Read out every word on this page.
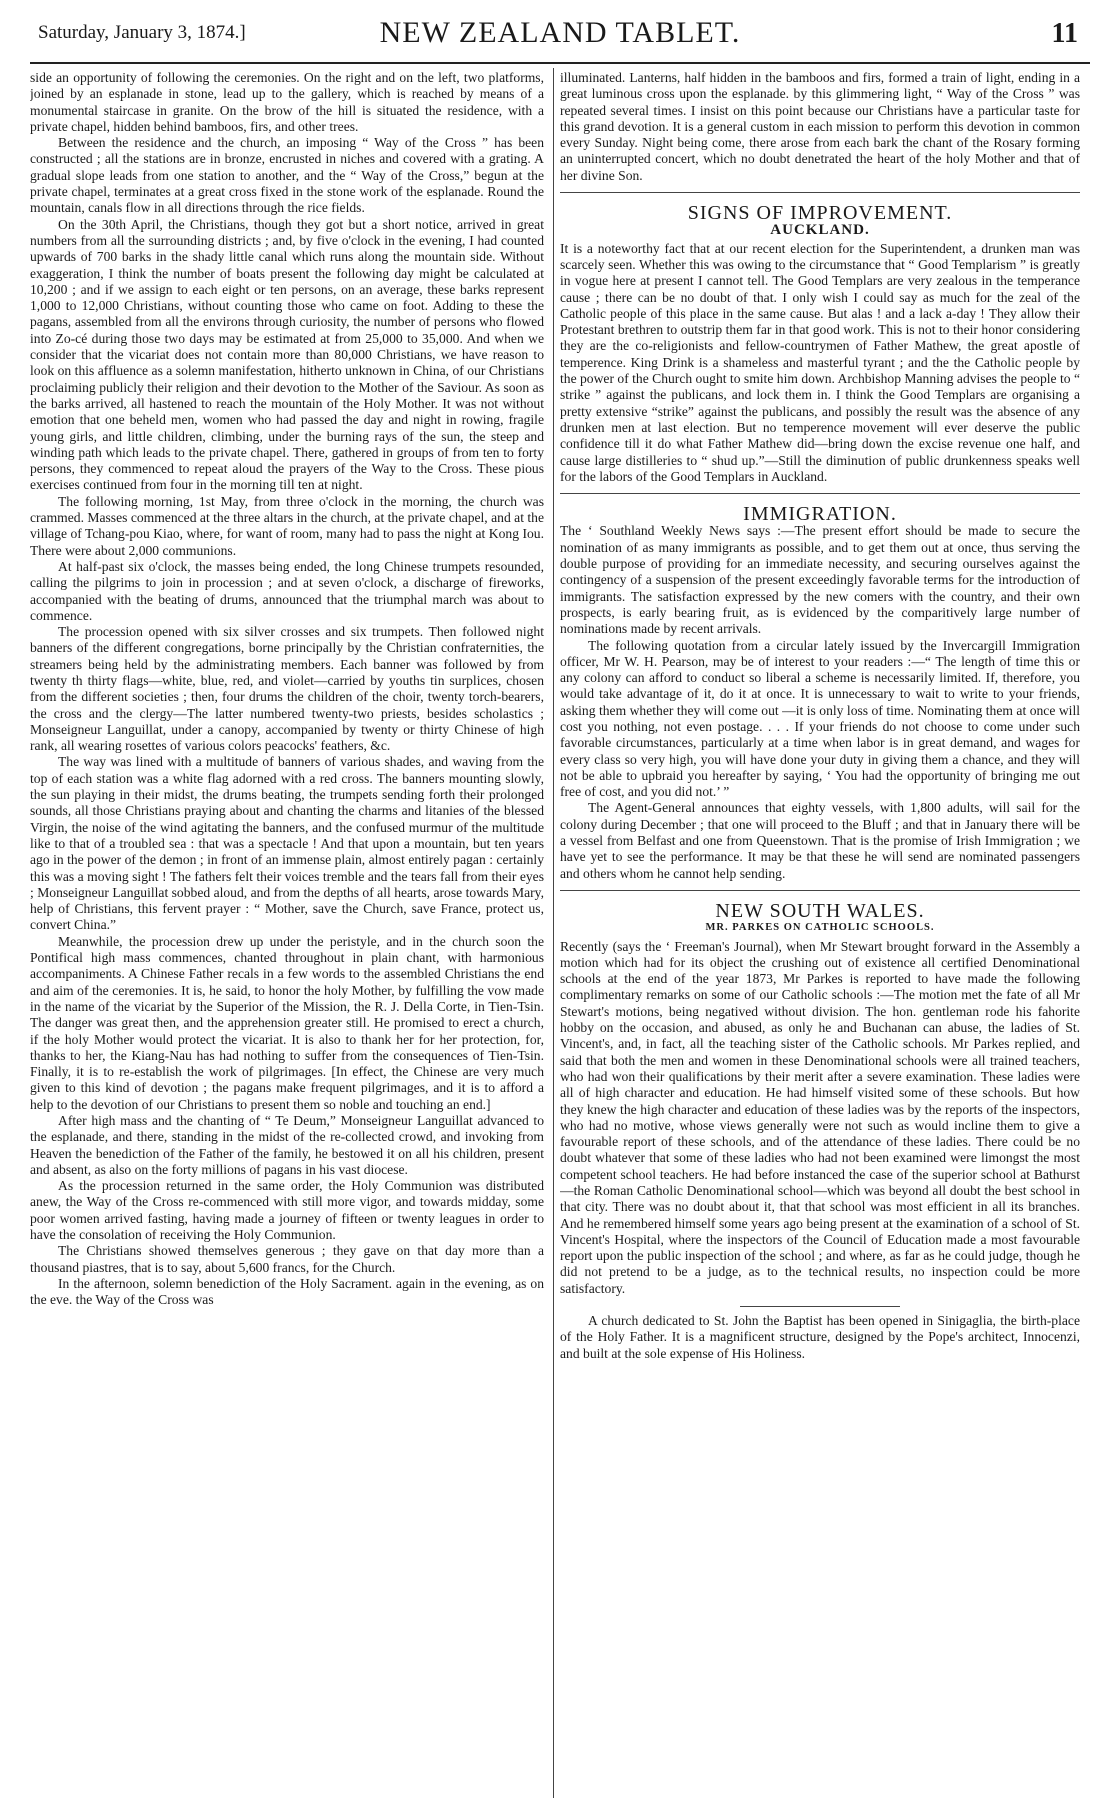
Saturday, January 3, 1874.]	NEW ZEALAND TABLET.	11

side an opportunity of following the ceremonies. On the right and on the left, two platforms, joined by an esplanade in stone, lead up to the gallery, which is reached by means of a monumental staircase in granite. On the brow of the hill is situated the residence, with a private chapel, hidden behind bamboos, firs, and other trees.

Between the residence and the church, an imposing “ Way of the Cross ” has been constructed ; all the stations are in bronze, encrusted in niches and covered with a grating. A gradual slope leads from one station to another, and the “ Way of the Cross,” begun at the private chapel, terminates at a great cross fixed in the stone work of the esplanade. Round the mountain, canals flow in all directions through the rice fields.

On the 30th April, the Christians, though they got but a short notice, arrived in great numbers from all the surrounding districts ; and, by five o'clock in the evening, I had counted upwards of 700 barks in the shady little canal which runs along the mountain side. Without exaggeration, I think the number of boats present the following day might be calculated at 10,200 ; and if we assign to each eight or ten persons, on an average, these barks represent 1,000 to 12,000 Christians, without counting those who came on foot. Adding to these the pagans, assembled from all the environs through curiosity, the number of persons who flowed into Zo-cé during those two days may be estimated at from 25,000 to 35,000. And when we consider that the vicariat does not contain more than 80,000 Christians, we have reason to look on this affluence as a solemn manifestation, hitherto unknown in China, of our Christians proclaiming publicly their religion and their devotion to the Mother of the Saviour. As soon as the barks arrived, all hastened to reach the mountain of the Holy Mother. It was not without emotion that one beheld men, women who had passed the day and night in rowing, fragile young girls, and little children, climbing, under the burning rays of the sun, the steep and winding path which leads to the private chapel. There, gathered in groups of from ten to forty persons, they commenced to repeat aloud the prayers of the Way to the Cross. These pious exercises continued from four in the morning till ten at night.

The following morning, 1st May, from three o'clock in the morning, the church was crammed. Masses commenced at the three altars in the church, at the private chapel, and at the village of Tchang-pou Kiao, where, for want of room, many had to pass the night at Kong Iou. There were about 2,000 communions.

At half-past six o'clock, the masses being ended, the long Chinese trumpets resounded, calling the pilgrims to join in procession ; and at seven o'clock, a discharge of fireworks, accompanied with the beating of drums, announced that the triumphal march was about to commence.

The procession opened with six silver crosses and six trumpets. Then followed night banners of the different congregations, borne principally by the Christian confraternities, the streamers being held by the administrating members. Each banner was followed by from twenty th thirty flags—white, blue, red, and violet—carried by youths tin surplices, chosen from the different societies ; then, four drums the children of the choir, twenty torch-bearers, the cross and the clergy—The latter numbered twenty-two priests, besides scholastics ; Monseigneur Languillat, under a canopy, accompanied by twenty or thirty Chinese of high rank, all wearing rosettes of various colors peacocks' feathers, &c.

The way was lined with a multitude of banners of various shades, and waving from the top of each station was a white flag adorned with a red cross. The banners mounting slowly, the sun playing in their midst, the drums beating, the trumpets sending forth their prolonged sounds, all those Christians praying about and chanting the charms and litanies of the blessed Virgin, the noise of the wind agitating the banners, and the confused murmur of the multitude like to that of a troubled sea : that was a spectacle ! And that upon a mountain, but ten years ago in the power of the demon ; in front of an immense plain, almost entirely pagan : certainly this was a moving sight ! The fathers felt their voices tremble and the tears fall from their eyes ; Monseigneur Languillat sobbed aloud, and from the depths of all hearts, arose towards Mary, help of Christians, this fervent prayer : “ Mother, save the Church, save France, protect us, convert China.”

Meanwhile, the procession drew up under the peristyle, and in the church soon the Pontifical high mass commences, chanted throughout in plain chant, with harmonious accompaniments. A Chinese Father recals in a few words to the assembled Christians the end and aim of the ceremonies. It is, he said, to honor the holy Mother, by fulfilling the vow made in the name of the vicariat by the Superior of the Mission, the R. J. Della Corte, in Tien-Tsin. The danger was great then, and the apprehension greater still. He promised to erect a church, if the holy Mother would protect the vicariat. It is also to thank her for her protection, for, thanks to her, the Kiang-Nau has had nothing to suffer from the consequences of Tien-Tsin. Finally, it is to re-establish the work of pilgrimages. [In effect, the Chinese are very much given to this kind of devotion ; the pagans make frequent pilgrimages, and it is to afford a help to the devotion of our Christians to present them so noble and touching an end.]

After high mass and the chanting of “ Te Deum,” Monseigneur Languillat advanced to the esplanade, and there, standing in the midst of the re-collected crowd, and invoking from Heaven the benediction of the Father of the family, he bestowed it on all his children, present and absent, as also on the forty millions of pagans in his vast diocese.

As the procession returned in the same order, the Holy Communion was distributed anew, the Way of the Cross re-commenced with still more vigor, and towards midday, some poor women arrived fasting, having made a journey of fifteen or twenty leagues in order to have the consolation of receiving the Holy Communion.

The Christians showed themselves generous ; they gave on that day more than a thousand piastres, that is to say, about 5,600 francs, for the Church.

In the afternoon, solemn benediction of the Holy Sacrament. again in the evening, as on the eve. the Way of the Cross was

illuminated. Lanterns, half hidden in the bamboos and firs, formed a train of light, ending in a great luminous cross upon the esplanade. by this glimmering light, “ Way of the Cross ” was repeated several times. I insist on this point because our Christians have a particular taste for this grand devotion. It is a general custom in each mission to perform this devotion in common every Sunday. Night being come, there arose from each bark the chant of the Rosary forming an uninterrupted concert, which no doubt denetrated the heart of the holy Mother and that of her divine Son.

SIGNS OF IMPROVEMENT.
AUCKLAND.

It is a noteworthy fact that at our recent election for the Superintendent, a drunken man was scarcely seen. Whether this was owing to the circumstance that “ Good Templarism ” is greatly in vogue here at present I cannot tell. The Good Templars are very zealous in the temperance cause ; there can be no doubt of that. I only wish I could say as much for the zeal of the Catholic people of this place in the same cause. But alas ! and a lack a-day ! They allow their Protestant brethren to outstrip them far in that good work. This is not to their honor considering they are the co-religionists and fellow-countrymen of Father Mathew, the great apostle of temperence. King Drink is a shameless and masterful tyrant ; and the the Catholic people by the power of the Church ought to smite him down. Archbishop Manning advises the people to “ strike ” against the publicans, and lock them in. I think the Good Templars are organising a pretty extensive “strike” against the publicans, and possibly the result was the absence of any drunken men at last election. But no temperence movement will ever deserve the public confidence till it do what Father Mathew did—bring down the excise revenue one half, and cause large distilleries to “ shud up.”—Still the diminution of public drunkenness speaks well for the labors of the Good Templars in Auckland.

IMMIGRATION.

The ‘ Southland Weekly News says :—The present effort should be made to secure the nomination of as many immigrants as possible, and to get them out at once, thus serving the double purpose of providing for an immediate necessity, and securing ourselves against the contingency of a suspension of the present exceedingly favorable terms for the introduction of immigrants. The satisfaction expressed by the new comers with the country, and their own prospects, is early bearing fruit, as is evidenced by the comparitively large number of nominations made by recent arrivals.

The following quotation from a circular lately issued by the Invercargill Immigration officer, Mr W. H. Pearson, may be of interest to your readers :—“ The length of time this or any colony can afford to conduct so liberal a scheme is necessarily limited. If, therefore, you would take advantage of it, do it at once. It is unnecessary to wait to write to your friends, asking them whether they will come out —it is only loss of time. Nominating them at once will cost you nothing, not even postage. . . . If your friends do not choose to come under such favorable circumstances, particularly at a time when labor is in great demand, and wages for every class so very high, you will have done your duty in giving them a chance, and they will not be able to upbraid you hereafter by saying, ‘ You had the opportunity of bringing me out free of cost, and you did not.’ ”

The Agent-General announces that eighty vessels, with 1,800 adults, will sail for the colony during December ; that one will proceed to the Bluff ; and that in January there will be a vessel from Belfast and one from Queenstown. That is the promise of Irish Immigration ; we have yet to see the performance. It may be that these he will send are nominated passengers and others whom he cannot help sending.

NEW SOUTH WALES.
MR. PARKES ON CATHOLIC SCHOOLS.

Recently (says the ‘ Freeman's Journal), when Mr Stewart brought forward in the Assembly a motion which had for its object the crushing out of existence all certified Denominational schools at the end of the year 1873, Mr Parkes is reported to have made the following complimentary remarks on some of our Catholic schools :—The motion met the fate of all Mr Stewart's motions, being negatived without division. The hon. gentleman rode his fahorite hobby on the occasion, and abused, as only he and Buchanan can abuse, the ladies of St. Vincent's, and, in fact, all the teaching sister of the Catholic schools. Mr Parkes replied, and said that both the men and women in these Denominational schools were all trained teachers, who had won their qualifications by their merit after a severe examination. These ladies were all of high character and education. He had himself visited some of these schools. But how they knew the high character and education of these ladies was by the reports of the inspectors, who had no motive, whose views generally were not such as would incline them to give a favourable report of these schools, and of the attendance of these ladies. There could be no doubt whatever that some of these ladies who had not been examined were limongst the most competent school teachers. He had before instanced the case of the superior school at Bathurst—the Roman Catholic Denominational school—which was beyond all doubt the best school in that city. There was no doubt about it, that that school was most efficient in all its branches. And he remembered himself some years ago being present at the examination of a school of St. Vincent's Hospital, where the inspectors of the Council of Education made a most favourable report upon the public inspection of the school ; and where, as far as he could judge, though he did not pretend to be a judge, as to the technical results, no inspection could be more satisfactory.

A church dedicated to St. John the Baptist has been opened in Sinigaglia, the birth-place of the Holy Father. It is a magnificent structure, designed by the Pope's architect, Innocenzi, and built at the sole expense of His Holiness.
